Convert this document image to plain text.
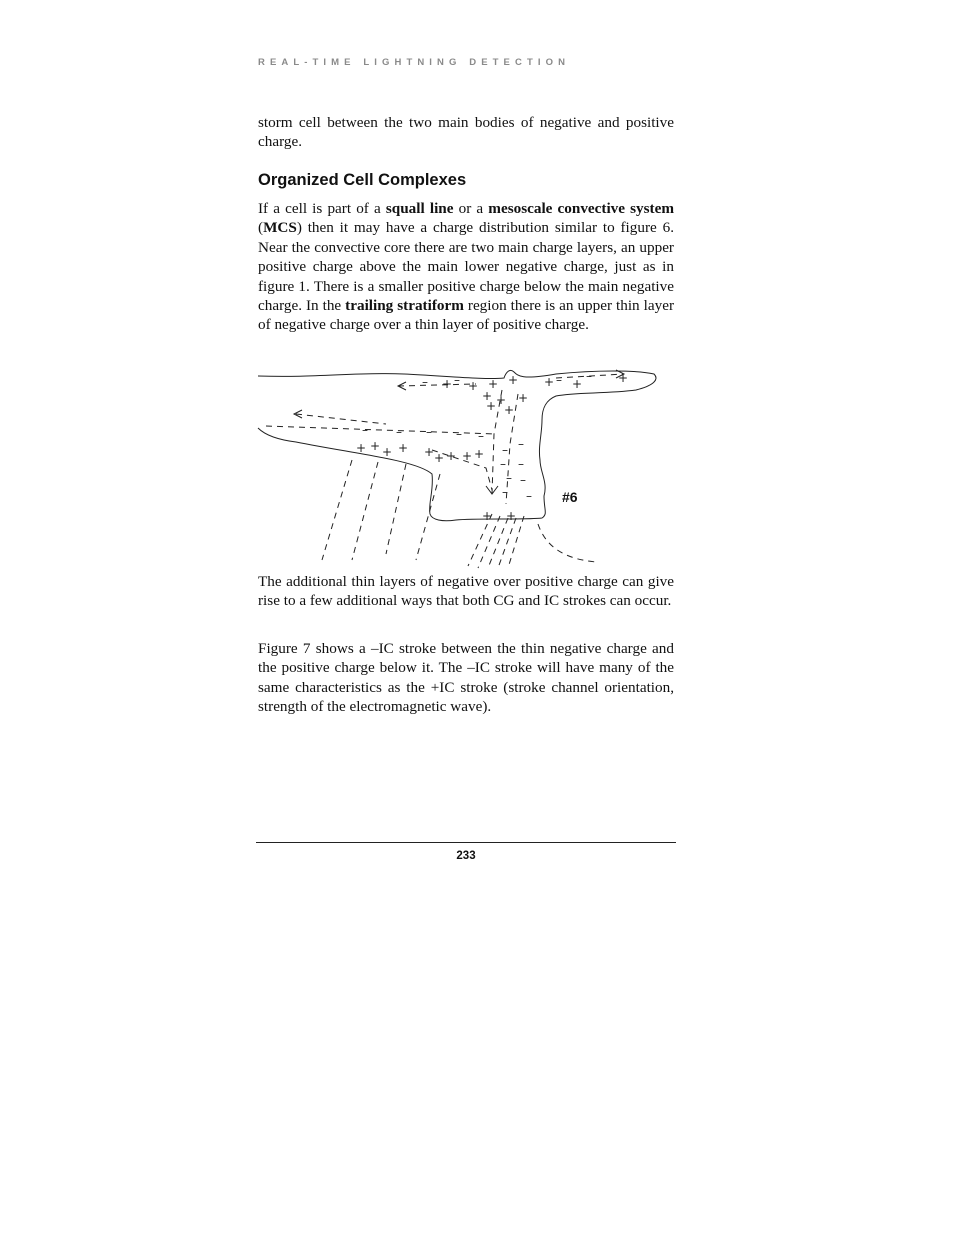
REAL-TIME LIGHTNING DETECTION

storm cell between the two main bodies of negative and positive charge.

Organized Cell Complexes

If a cell is part of a squall line or a mesoscale convective system (MCS) then it may have a charge distribution similar to figure 6. Near the convective core there are two main charge layers, an upper positive charge above the main lower negative charge, just as in figure 1. There is a smaller positive charge below the main negative charge. In the trailing stratiform region there is an upper thin layer of negative charge over a thin layer of positive charge.

+ + + +
+ + +
+ +
+ +	+
– –	– –
– – – – –
– –
– –
– –
– –
+ + + + + + + + +
+ +
#6

The additional thin layers of negative over positive charge can give rise to a few additional ways that both CG and IC strokes can occur.

Figure 7 shows a –IC stroke between the thin negative charge and the positive charge below it. The –IC stroke will have many of the same characteristics as the +IC stroke (stroke channel orientation, strength of the electromagnetic wave).

233
